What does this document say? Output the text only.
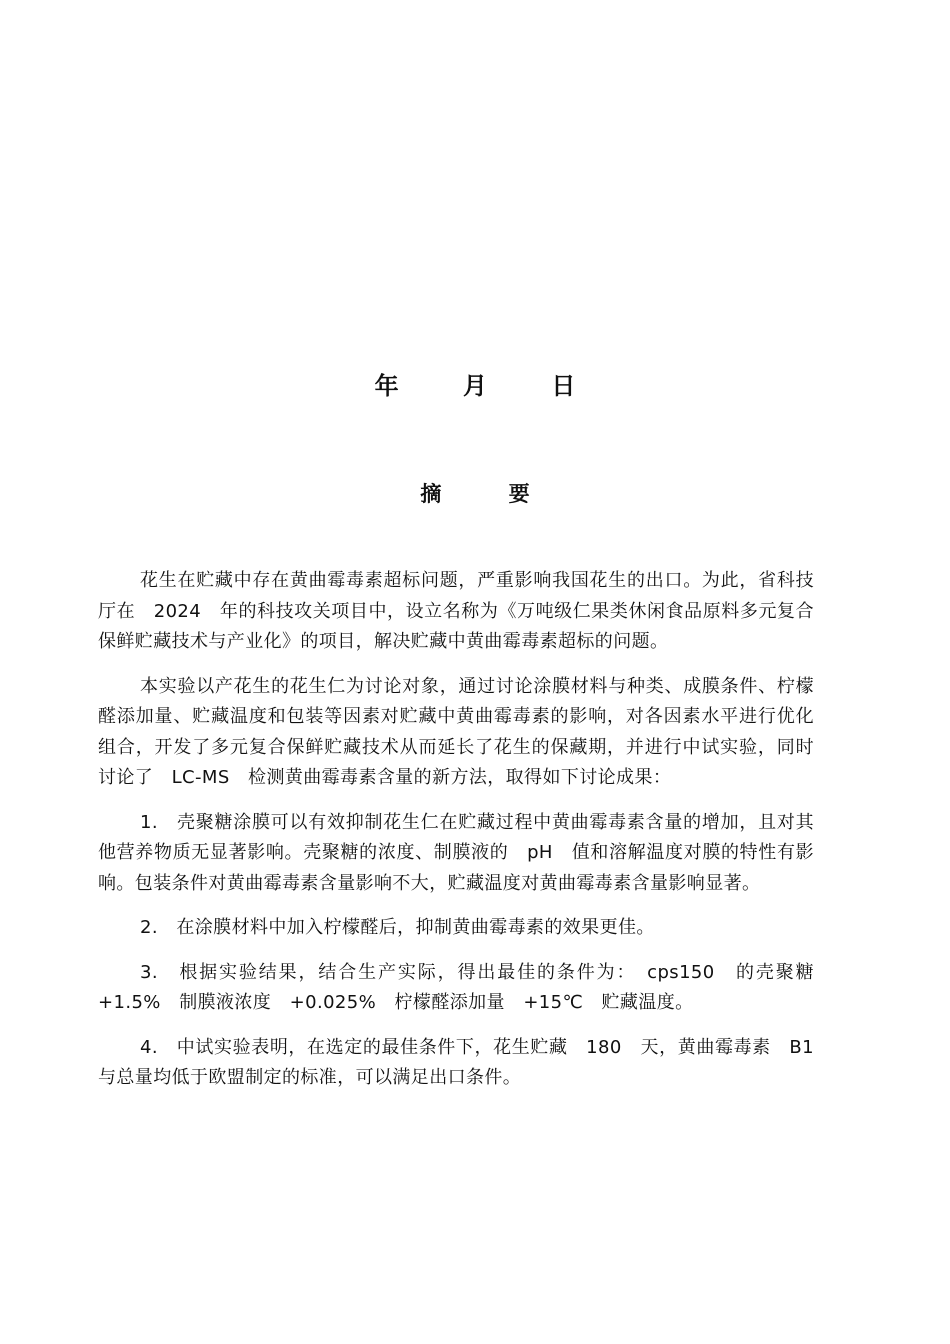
年	月	日
摘	要

花生在贮藏中存在黄曲霉毒素超标问题，严重影响我国花生的出口。为此，省科技厅在　2024　年的科技攻关项目中，设立名称为《万吨级仁果类休闲食品原料多元复合保鲜贮藏技术与产业化》的项目，解决贮藏中黄曲霉毒素超标的问题。

本实验以产花生的花生仁为讨论对象，通过讨论涂膜材料与种类、成膜条件、柠檬醛添加量、贮藏温度和包装等因素对贮藏中黄曲霉毒素的影响，对各因素水平进行优化组合，开发了多元复合保鲜贮藏技术从而延长了花生的保藏期，并进行中试实验，同时讨论了　LC-MS　检测黄曲霉毒素含量的新方法，取得如下讨论成果：

1.　壳聚糖涂膜可以有效抑制花生仁在贮藏过程中黄曲霉毒素含量的增加，且对其他营养物质无显著影响。壳聚糖的浓度、制膜液的　pH　值和溶解温度对膜的特性有影响。包装条件对黄曲霉毒素含量影响不大，贮藏温度对黄曲霉毒素含量影响显著。

2.　在涂膜材料中加入柠檬醛后，抑制黄曲霉毒素的效果更佳。

3.　根据实验结果，结合生产实际，得出最佳的条件为：　cps150　的壳聚糖　+1.5%　制膜液浓度　+0.025%　柠檬醛添加量　+15℃　贮藏温度。

4.　中试实验表明，在选定的最佳条件下，花生贮藏　180　天，黄曲霉毒素　B1　与总量均低于欧盟制定的标准，可以满足出口条件。
